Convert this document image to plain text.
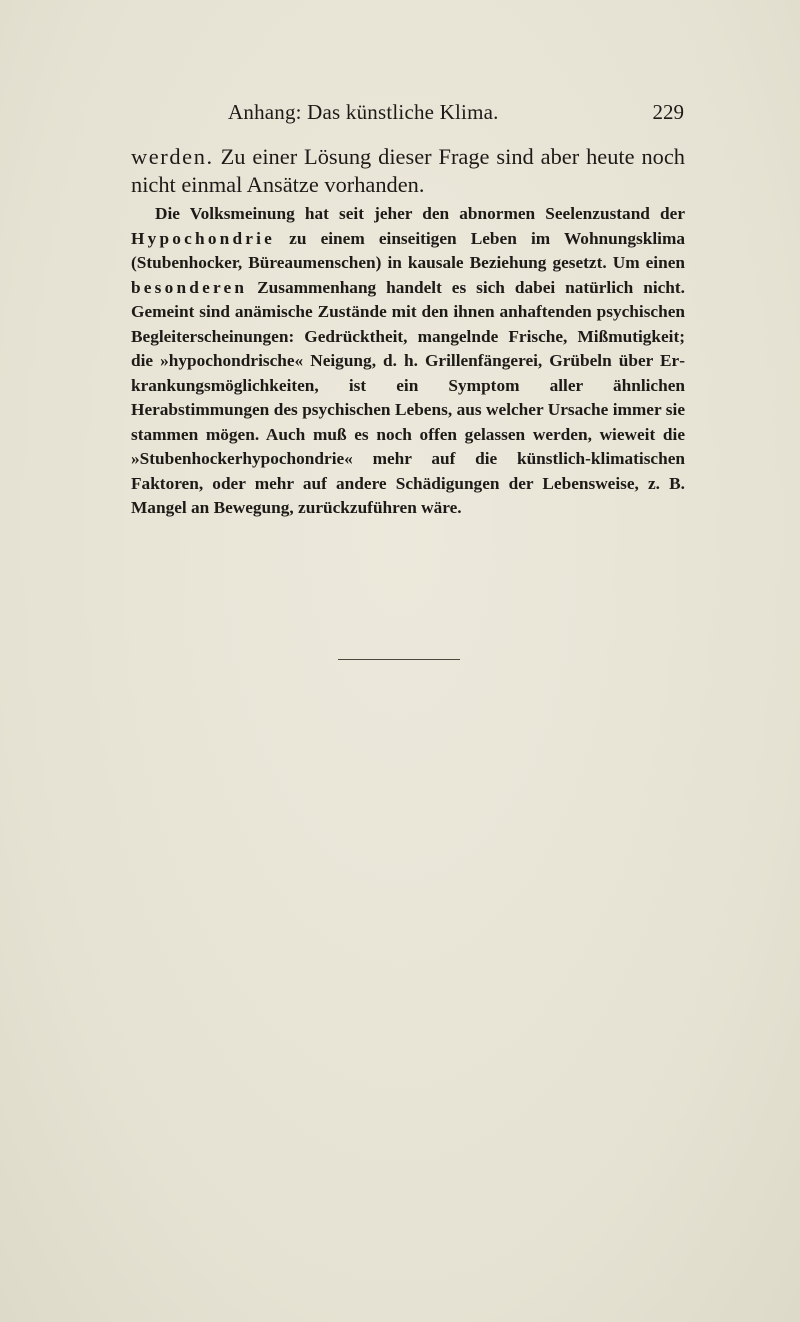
Anhang: Das künstliche Klima.	229

werden. Zu einer Lösung dieser Frage sind aber heute noch nicht einmal Ansätze vorhanden.

Die Volksmeinung hat seit jeher den abnormen Seelenzustand der Hypochondrie zu einem einseitigen Leben im Wohnungsklima (Stubenhocker, Büreaumenschen) in kausale Beziehung gesetzt. Um einen besonderen Zusammenhang handelt es sich dabei natürlich nicht. Gemeint sind anämische Zustände mit den ihnen anhaftenden psychischen Begleiterscheinungen: Gedrücktheit, mangelnde Frische, Mißmutigkeit; die »hypochondrische« Neigung, d. h. Grillenfängerei, Grübeln über Erkrankungsmöglichkeiten, ist ein Symptom aller ähnlichen Herabstimmungen des psychischen Lebens, aus welcher Ursache immer sie stammen mögen. Auch muß es noch offen gelassen werden, wieweit die »Stubenhockerhypochondrie« mehr auf die künstlich-klimatischen Faktoren, oder mehr auf andere Schädigungen der Lebensweise, z. B. Mangel an Bewegung, zurückzuführen wäre.
